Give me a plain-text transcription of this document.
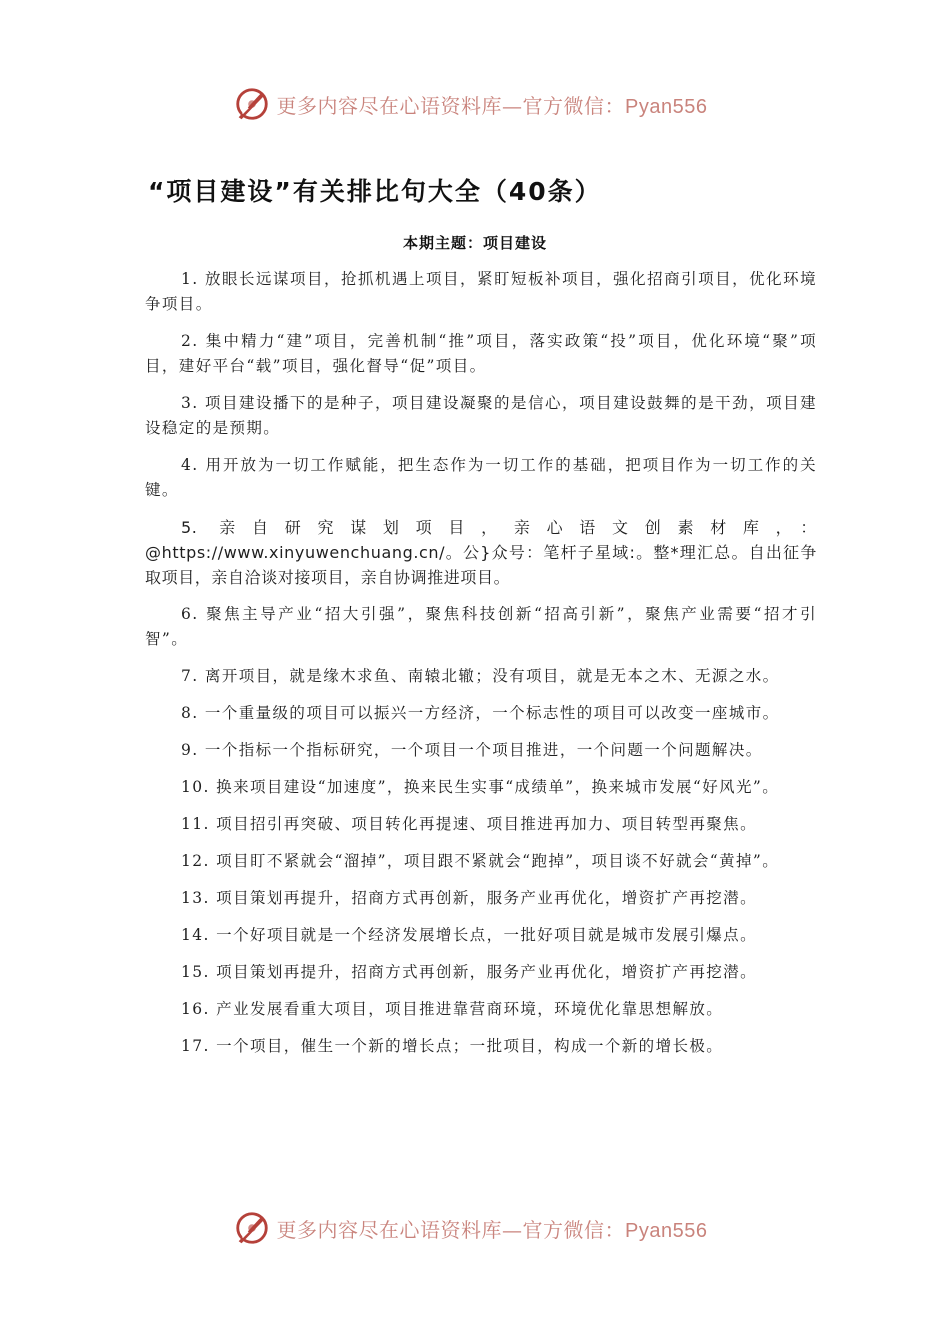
更多内容尽在心语资料库—官方微信：Pyan556
“项目建设”有关排比句大全（40条）
本期主题：项目建设

1. 放眼长远谋项目，抢抓机遇上项目，紧盯短板补项目，强化招商引项目，优化环境争项目。

2. 集中精力“建”项目，完善机制“推”项目，落实政策“投”项目，优化环境“聚”项目，建好平台“载”项目，强化督导“促”项目。

3. 项目建设播下的是种子，项目建设凝聚的是信心，项目建设鼓舞的是干劲，项目建设稳定的是预期。

4. 用开放为一切工作赋能，把生态作为一切工作的基础，把项目作为一切工作的关键。

5. 亲自研究谋划项目，亲心语文创素材库，：@https://www.xinyuwenchuang.cn/。公}众号：笔杆子星域:。整*理汇总。自出征争取项目，亲自洽谈对接项目，亲自协调推进项目。

6. 聚焦主导产业“招大引强”，聚焦科技创新“招高引新”，聚焦产业需要“招才引智”。

7. 离开项目，就是缘木求鱼、南辕北辙；没有项目，就是无本之木、无源之水。

8. 一个重量级的项目可以振兴一方经济，一个标志性的项目可以改变一座城市。

9. 一个指标一个指标研究，一个项目一个项目推进，一个问题一个问题解决。

10. 换来项目建设“加速度”，换来民生实事“成绩单”，换来城市发展“好风光”。

11. 项目招引再突破、项目转化再提速、项目推进再加力、项目转型再聚焦。

12. 项目盯不紧就会“溜掉”，项目跟不紧就会“跑掉”，项目谈不好就会“黄掉”。

13. 项目策划再提升，招商方式再创新，服务产业再优化，增资扩产再挖潜。

14. 一个好项目就是一个经济发展增长点，一批好项目就是城市发展引爆点。

15. 项目策划再提升，招商方式再创新，服务产业再优化，增资扩产再挖潜。

16. 产业发展看重大项目，项目推进靠营商环境，环境优化靠思想解放。

17. 一个项目，催生一个新的增长点；一批项目，构成一个新的增长极。

更多内容尽在心语资料库—官方微信：Pyan556
